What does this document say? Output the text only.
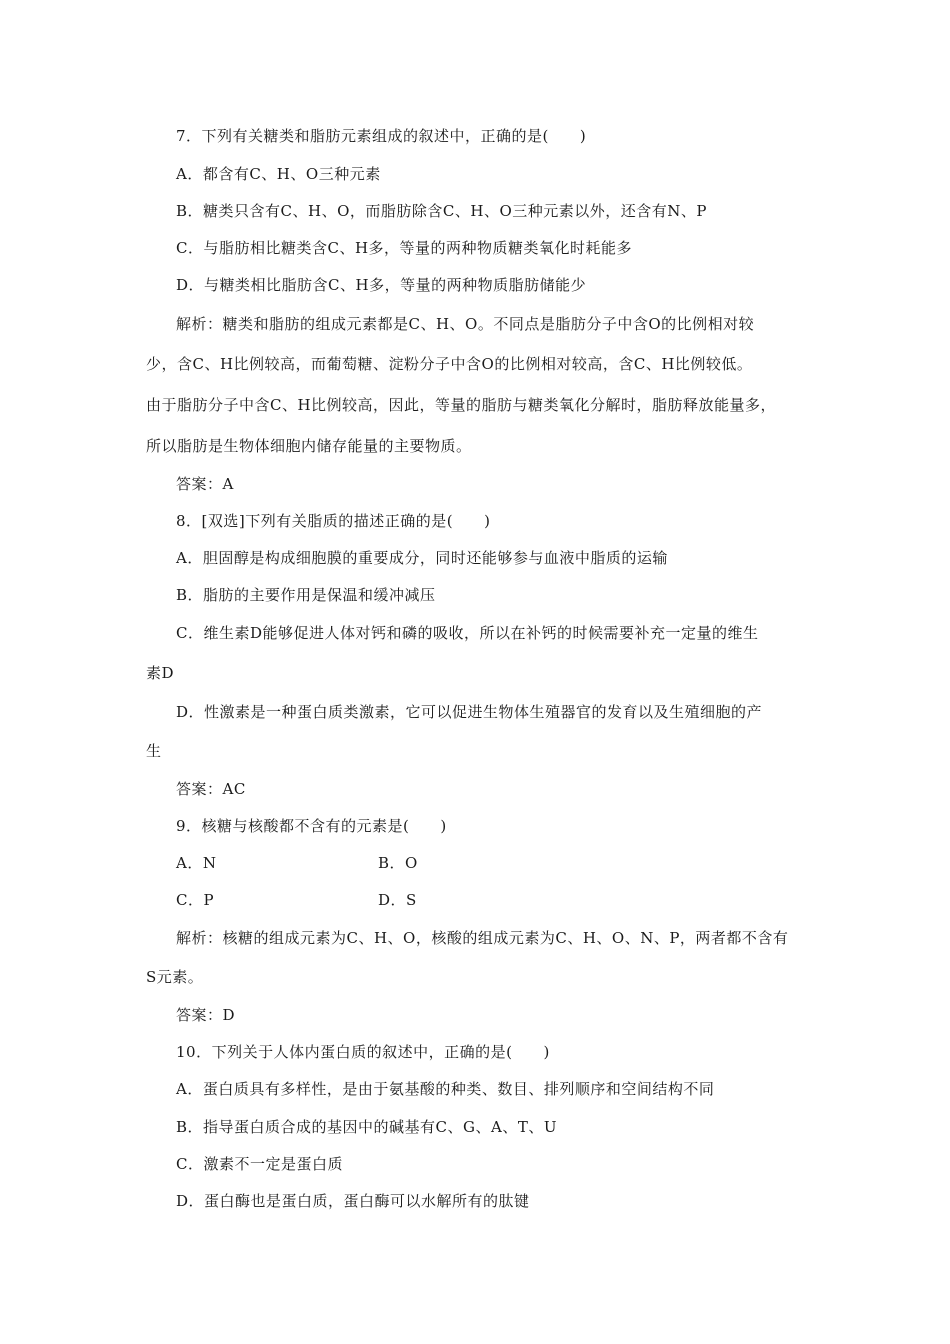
7．下列有关糖类和脂肪元素组成的叙述中，正确的是(　　)
A．都含有C、H、O三种元素
B．糖类只含有C、H、O，而脂肪除含C、H、O三种元素以外，还含有N、P
C．与脂肪相比糖类含C、H多，等量的两种物质糖类氧化时耗能多
D．与糖类相比脂肪含C、H多，等量的两种物质脂肪储能少
解析：糖类和脂肪的组成元素都是C、H、O。不同点是脂肪分子中含O的比例相对较
少，含C、H比例较高，而葡萄糖、淀粉分子中含O的比例相对较高，含C、H比例较低。
由于脂肪分子中含C、H比例较高，因此，等量的脂肪与糖类氧化分解时，脂肪释放能量多，
所以脂肪是生物体细胞内储存能量的主要物质。
答案：A
8．[双选]下列有关脂质的描述正确的是(　　)
A．胆固醇是构成细胞膜的重要成分，同时还能够参与血液中脂质的运输
B．脂肪的主要作用是保温和缓冲减压
C．维生素D能够促进人体对钙和磷的吸收，所以在补钙的时候需要补充一定量的维生
素D
D．性激素是一种蛋白质类激素，它可以促进生物体生殖器官的发育以及生殖细胞的产
生
答案：AC
9．核糖与核酸都不含有的元素是(　　)
A．N	B．O
C．P	D．S
解析：核糖的组成元素为C、H、O，核酸的组成元素为C、H、O、N、P，两者都不含有
S元素。
答案：D
10．下列关于人体内蛋白质的叙述中，正确的是(　　)
A．蛋白质具有多样性，是由于氨基酸的种类、数目、排列顺序和空间结构不同
B．指导蛋白质合成的基因中的碱基有C、G、A、T、U
C．激素不一定是蛋白质
D．蛋白酶也是蛋白质，蛋白酶可以水解所有的肽键
